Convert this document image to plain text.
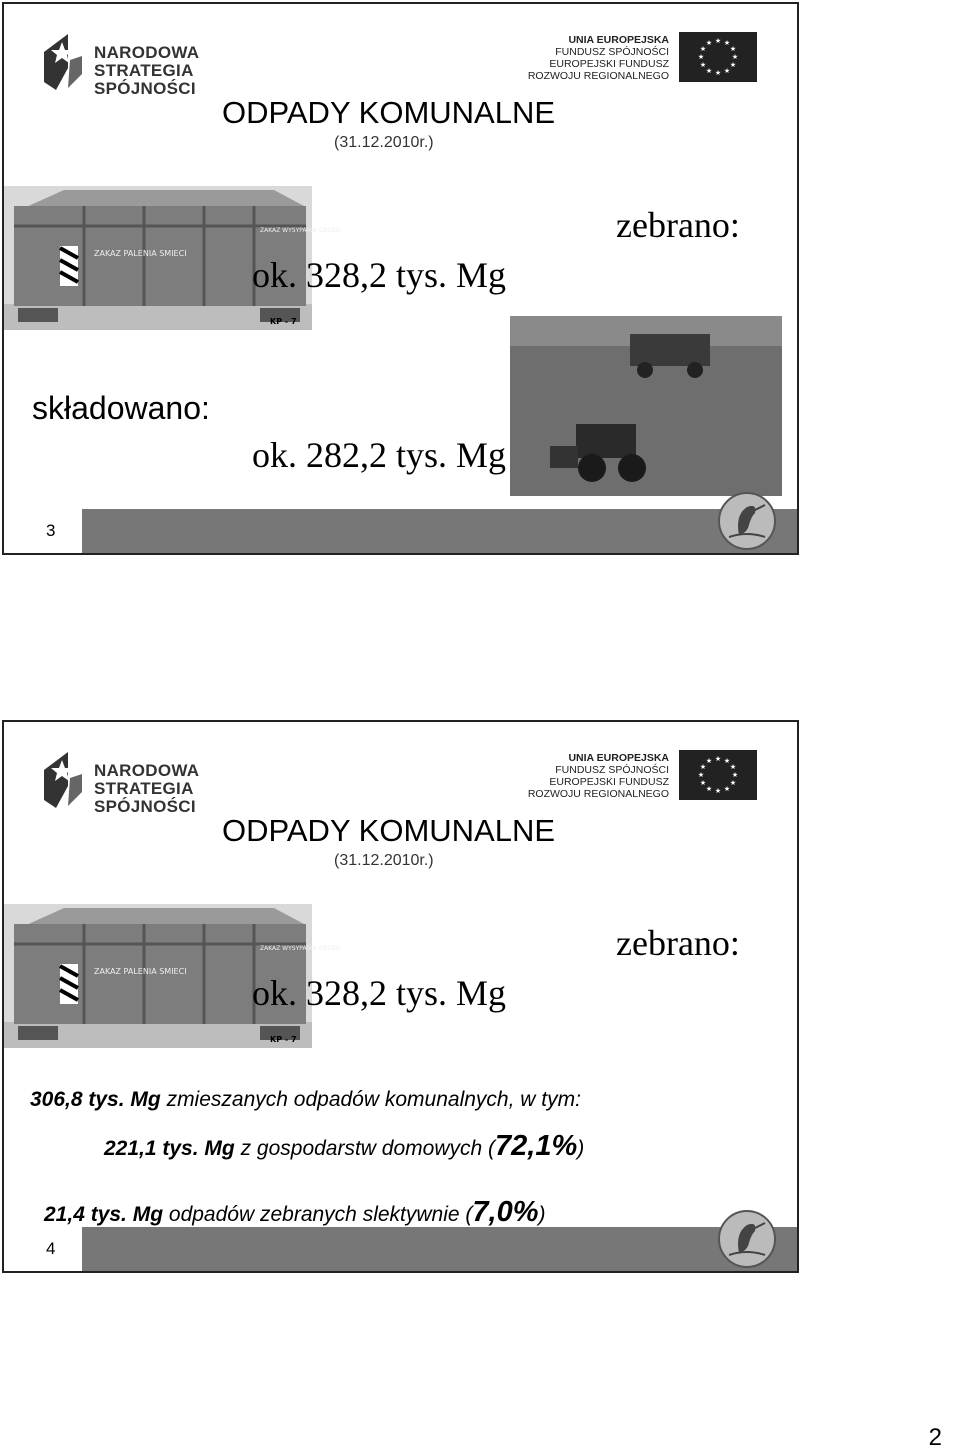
NARODOWA
STRATEGIA SPÓJNOŚCI
UNIA EUROPEJSKA
FUNDUSZ SPÓJNOŚCI
EUROPEJSKI FUNDUSZ
ROZWOJU REGIONALNEGO
★ ★
★
★
★
★
★
★
★
★
★
★
ODPADY KOMUNALNE
(31.12.2010r.)
ZAKAZ PALENIA SMIECI
ZAKAZ WYSYPANIA GRUZU
KP - 7
zebrano:
ok. 328,2 tys. Mg
składowano:
ok. 282,2 tys. Mg
3
NARODOWA
STRATEGIA SPÓJNOŚCI
UNIA EUROPEJSKA
FUNDUSZ SPÓJNOŚCI
EUROPEJSKI FUNDUSZ
ROZWOJU REGIONALNEGO
★ ★
★
★
★
★
★
★
★
★
★
★
ODPADY KOMUNALNE
(31.12.2010r.)
ZAKAZ PALENIA SMIECI
ZAKAZ WYSYPANIA GRUZU
KP - 7
zebrano:
ok. 328,2 tys. Mg
4
306,8 tys. Mg zmieszanych odpadów komunalnych, w tym:
221,1 tys. Mg z gospodarstw domowych (72,1%)
21,4 tys. Mg odpadów zebranych slektywnie (7,0%)
2
